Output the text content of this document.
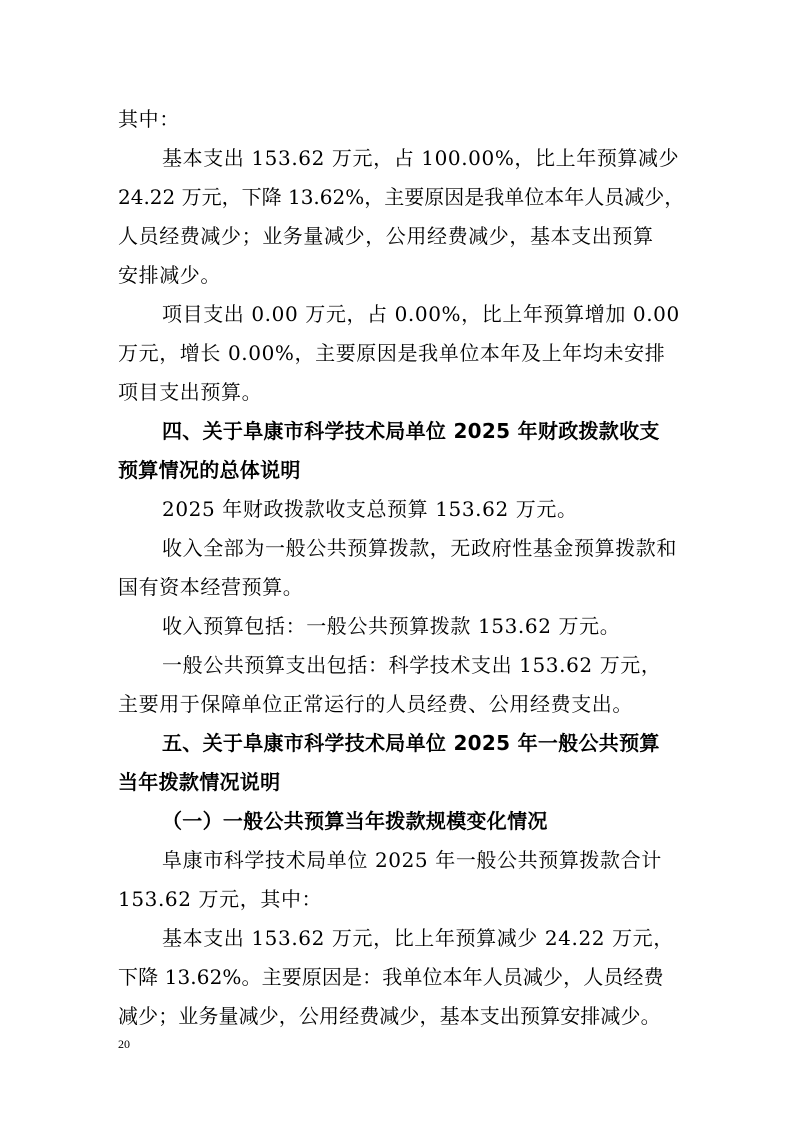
其中：
基本支出 153.62 万元，占 100.00%，比上年预算减少
24.22 万元，下降 13.62%，主要原因是我单位本年人员减少，
人员经费减少；业务量减少，公用经费减少，基本支出预算
安排减少。
项目支出 0.00 万元，占 0.00%，比上年预算增加 0.00
万元，增长 0.00%，主要原因是我单位本年及上年均未安排
项目支出预算。
四、关于阜康市科学技术局单位 2025 年财政拨款收支
预算情况的总体说明
2025 年财政拨款收支总预算 153.62 万元。
收入全部为一般公共预算拨款，无政府性基金预算拨款和
国有资本经营预算。
收入预算包括：一般公共预算拨款 153.62 万元。
一般公共预算支出包括：科学技术支出 153.62 万元，
主要用于保障单位正常运行的人员经费、公用经费支出。
五、关于阜康市科学技术局单位 2025 年一般公共预算
当年拨款情况说明
（一）一般公共预算当年拨款规模变化情况
阜康市科学技术局单位 2025 年一般公共预算拨款合计
153.62 万元，其中：
基本支出 153.62 万元，比上年预算减少 24.22 万元，
下降 13.62%。主要原因是：我单位本年人员减少，人员经费
减少；业务量减少，公用经费减少，基本支出预算安排减少。
20
